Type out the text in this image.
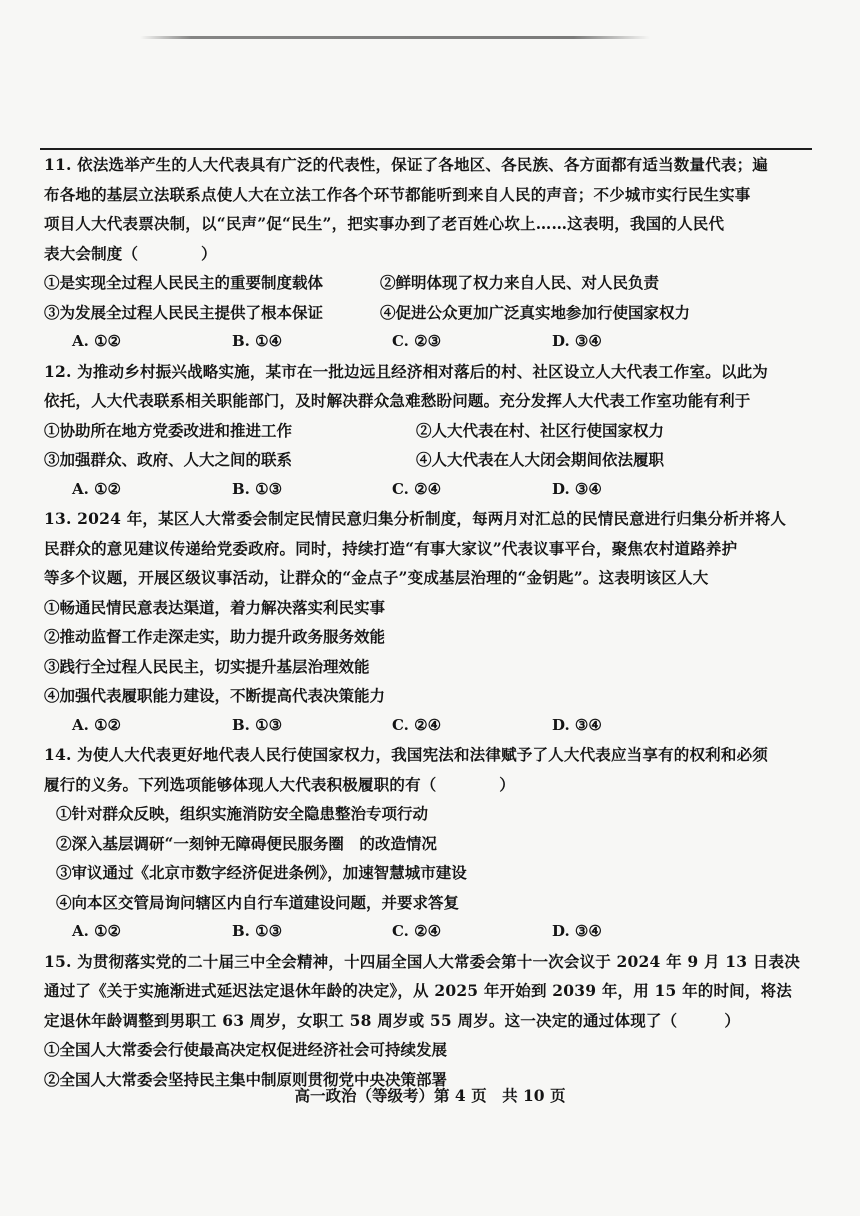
11. 依法选举产生的人大代表具有广泛的代表性，保证了各地区、各民族、各方面都有适当数量代表；遍
布各地的基层立法联系点使人大在立法工作各个环节都能听到来自人民的声音；不少城市实行民生实事
项目人大代表票决制，以“民声”促“民生”，把实事办到了老百姓心坎上……这表明，我国的人民代
表大会制度（　　　　）
①是实现全过程人民民主的重要制度载体	②鲜明体现了权力来自人民、对人民负责
③为发展全过程人民民主提供了根本保证	④促进公众更加广泛真实地参加行使国家权力
A. ①②	B. ①④	C. ②③	D. ③④
12. 为推动乡村振兴战略实施，某市在一批边远且经济相对落后的村、社区设立人大代表工作室。以此为
依托，人大代表联系相关职能部门，及时解决群众急难愁盼问题。充分发挥人大代表工作室功能有利于
①协助所在地方党委改进和推进工作	②人大代表在村、社区行使国家权力
③加强群众、政府、人大之间的联系	④人大代表在人大闭会期间依法履职
A. ①②	B. ①③	C. ②④	D. ③④
13. 2024 年，某区人大常委会制定民情民意归集分析制度，每两月对汇总的民情民意进行归集分析并将人
民群众的意见建议传递给党委政府。同时，持续打造“有事大家议”代表议事平台，聚焦农村道路养护
等多个议题，开展区级议事活动，让群众的“金点子”变成基层治理的“金钥匙”。这表明该区人大
①畅通民情民意表达渠道，着力解决落实利民实事
②推动监督工作走深走实，助力提升政务服务效能
③践行全过程人民民主，切实提升基层治理效能
④加强代表履职能力建设，不断提高代表决策能力
A. ①②	B. ①③	C. ②④	D. ③④
14. 为使人大代表更好地代表人民行使国家权力，我国宪法和法律赋予了人大代表应当享有的权利和必须
履行的义务。下列选项能够体现人大代表积极履职的有（　　　　）
①针对群众反映，组织实施消防安全隐患整治专项行动
②深入基层调研“一刻钟无障碍便民服务圈　的改造情况
③审议通过《北京市数字经济促进条例》，加速智慧城市建设
④向本区交管局询问辖区内自行车道建设问题，并要求答复
A. ①②	B. ①③	C. ②④	D. ③④
15. 为贯彻落实党的二十届三中全会精神，十四届全国人大常委会第十一次会议于 2024 年 9 月 13 日表决
通过了《关于实施渐进式延迟法定退休年龄的决定》，从 2025 年开始到 2039 年，用 15 年的时间，将法
定退休年龄调整到男职工 63 周岁，女职工 58 周岁或 55 周岁。这一决定的通过体现了（　　　）
①全国人大常委会行使最高决定权促进经济社会可持续发展
②全国人大常委会坚持民主集中制原则贯彻党中央决策部署
高一政治（等级考）第 4 页　共 10 页
